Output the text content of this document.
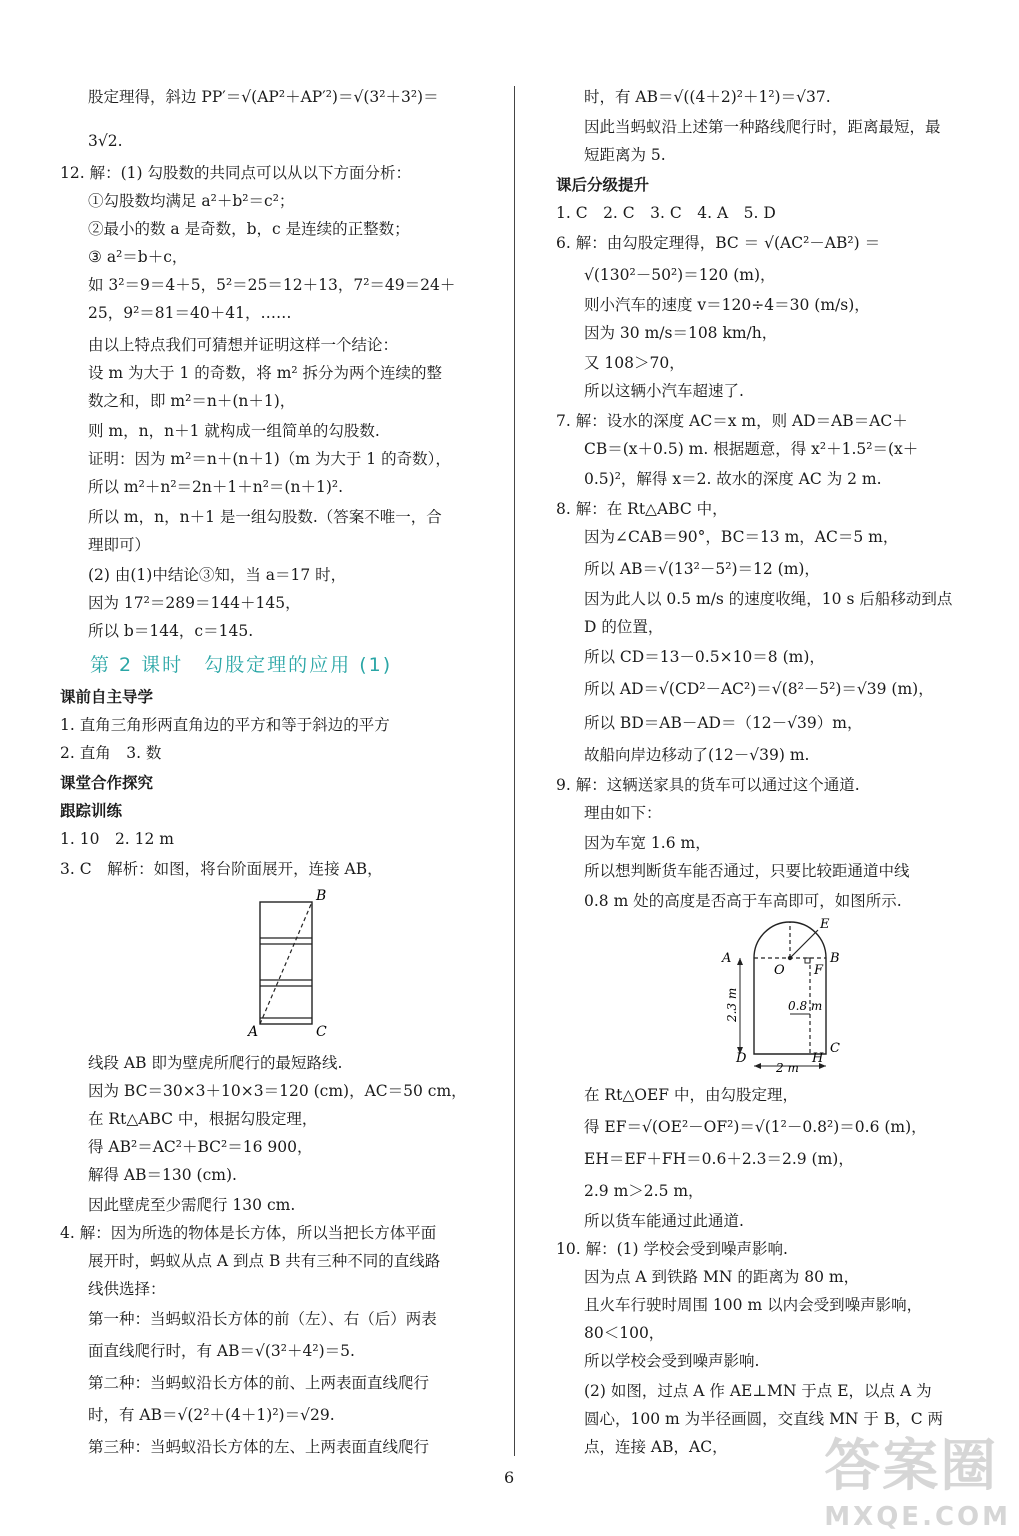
股定理得，斜边 PP′＝√(AP²＋AP′²)＝√(3²＋3²)＝
3√2.
12. 解：(1) 勾股数的共同点可以从以下方面分析：
①勾股数均满足 a²＋b²＝c²；
②最小的数 a 是奇数，b，c 是连续的正整数；
③ a²＝b＋c，
如 3²＝9＝4＋5，5²＝25＝12＋13，7²＝49＝24＋
25，9²＝81＝40＋41，……
由以上特点我们可猜想并证明这样一个结论：
设 m 为大于 1 的奇数，将 m² 拆分为两个连续的整
数之和，即 m²＝n＋(n＋1)，
则 m，n，n＋1 就构成一组简单的勾股数.
证明：因为 m²＝n＋(n＋1)（m 为大于 1 的奇数），
所以 m²＋n²＝2n＋1＋n²＝(n＋1)².
所以 m，n，n＋1 是一组勾股数.（答案不唯一，合
理即可）
(2) 由(1)中结论③知，当 a＝17 时，
因为 17²＝289＝144＋145，
所以 b＝144，c＝145.
第 2 课时　勾股定理的应用 (1)
课前自主导学
1. 直角三角形两直角边的平方和等于斜边的平方
2. 直角　3. 数
课堂合作探究
跟踪训练
1. 10　2. 12 m
3. C　解析：如图，将台阶面展开，连接 AB，
B
A	C
线段 AB 即为壁虎所爬行的最短路线.
因为 BC＝30×3＋10×3＝120 (cm)，AC＝50 cm，
在 Rt△ABC 中，根据勾股定理，
得 AB²＝AC²＋BC²＝16 900，
解得 AB＝130 (cm).
因此壁虎至少需爬行 130 cm.
4. 解：因为所选的物体是长方体，所以当把长方体平面
展开时，蚂蚁从点 A 到点 B 共有三种不同的直线路
线供选择：
第一种：当蚂蚁沿长方体的前（左）、右（后）两表
面直线爬行时，有 AB＝√(3²＋4²)＝5.
第二种：当蚂蚁沿长方体的前、上两表面直线爬行
时，有 AB＝√(2²＋(4＋1)²)＝√29.
第三种：当蚂蚁沿长方体的左、上两表面直线爬行
时，有 AB＝√((4＋2)²＋1²)＝√37.
因此当蚂蚁沿上述第一种路线爬行时，距离最短，最
短距离为 5.
课后分级提升
1. C　2. C　3. C　4. A　5. D
6. 解：由勾股定理得，BC ＝ √(AC²－AB²) ＝
√(130²－50²)＝120 (m)，
则小汽车的速度 v＝120÷4＝30 (m/s)，
因为 30 m/s＝108 km/h，
又 108＞70，
所以这辆小汽车超速了.
7. 解：设水的深度 AC＝x m，则 AD＝AB＝AC＋
CB＝(x＋0.5) m. 根据题意，得 x²＋1.5²＝(x＋
0.5)²，解得 x＝2. 故水的深度 AC 为 2 m.
8. 解：在 Rt△ABC 中，
因为∠CAB＝90°，BC＝13 m，AC＝5 m，
所以 AB＝√(13²－5²)＝12 (m)，
因为此人以 0.5 m/s 的速度收绳，10 s 后船移动到点
D 的位置，
所以 CD＝13－0.5×10＝8 (m)，
所以 AD＝√(CD²－AC²)＝√(8²－5²)＝√39 (m)，
所以 BD＝AB－AD＝（12－√39）m，
故船向岸边移动了(12－√39) m.
9. 解：这辆送家具的货车可以通过这个通道.
理由如下：
因为车宽 1.6 m，
所以想判断货车能否通过，只要比较距通道中线
0.8 m 处的高度是否高于车高即可，如图所示.
E
A
O F
B
2.3 m	0.8 m
C
D
2 m
H
在 Rt△OEF 中，由勾股定理，
得 EF＝√(OE²－OF²)＝√(1²－0.8²)＝0.6 (m)，
EH＝EF＋FH＝0.6＋2.3＝2.9 (m)，
2.9 m＞2.5 m，
所以货车能通过此通道.
10. 解：(1) 学校会受到噪声影响.
因为点 A 到铁路 MN 的距离为 80 m，
且火车行驶时周围 100 m 以内会受到噪声影响，
80＜100，
所以学校会受到噪声影响.
(2) 如图，过点 A 作 AE⊥MN 于点 E，以点 A 为
圆心，100 m 为半径画圆，交直线 MN 于 B，C 两
点，连接 AB，AC，
6	答案圈
MXQE.COM
